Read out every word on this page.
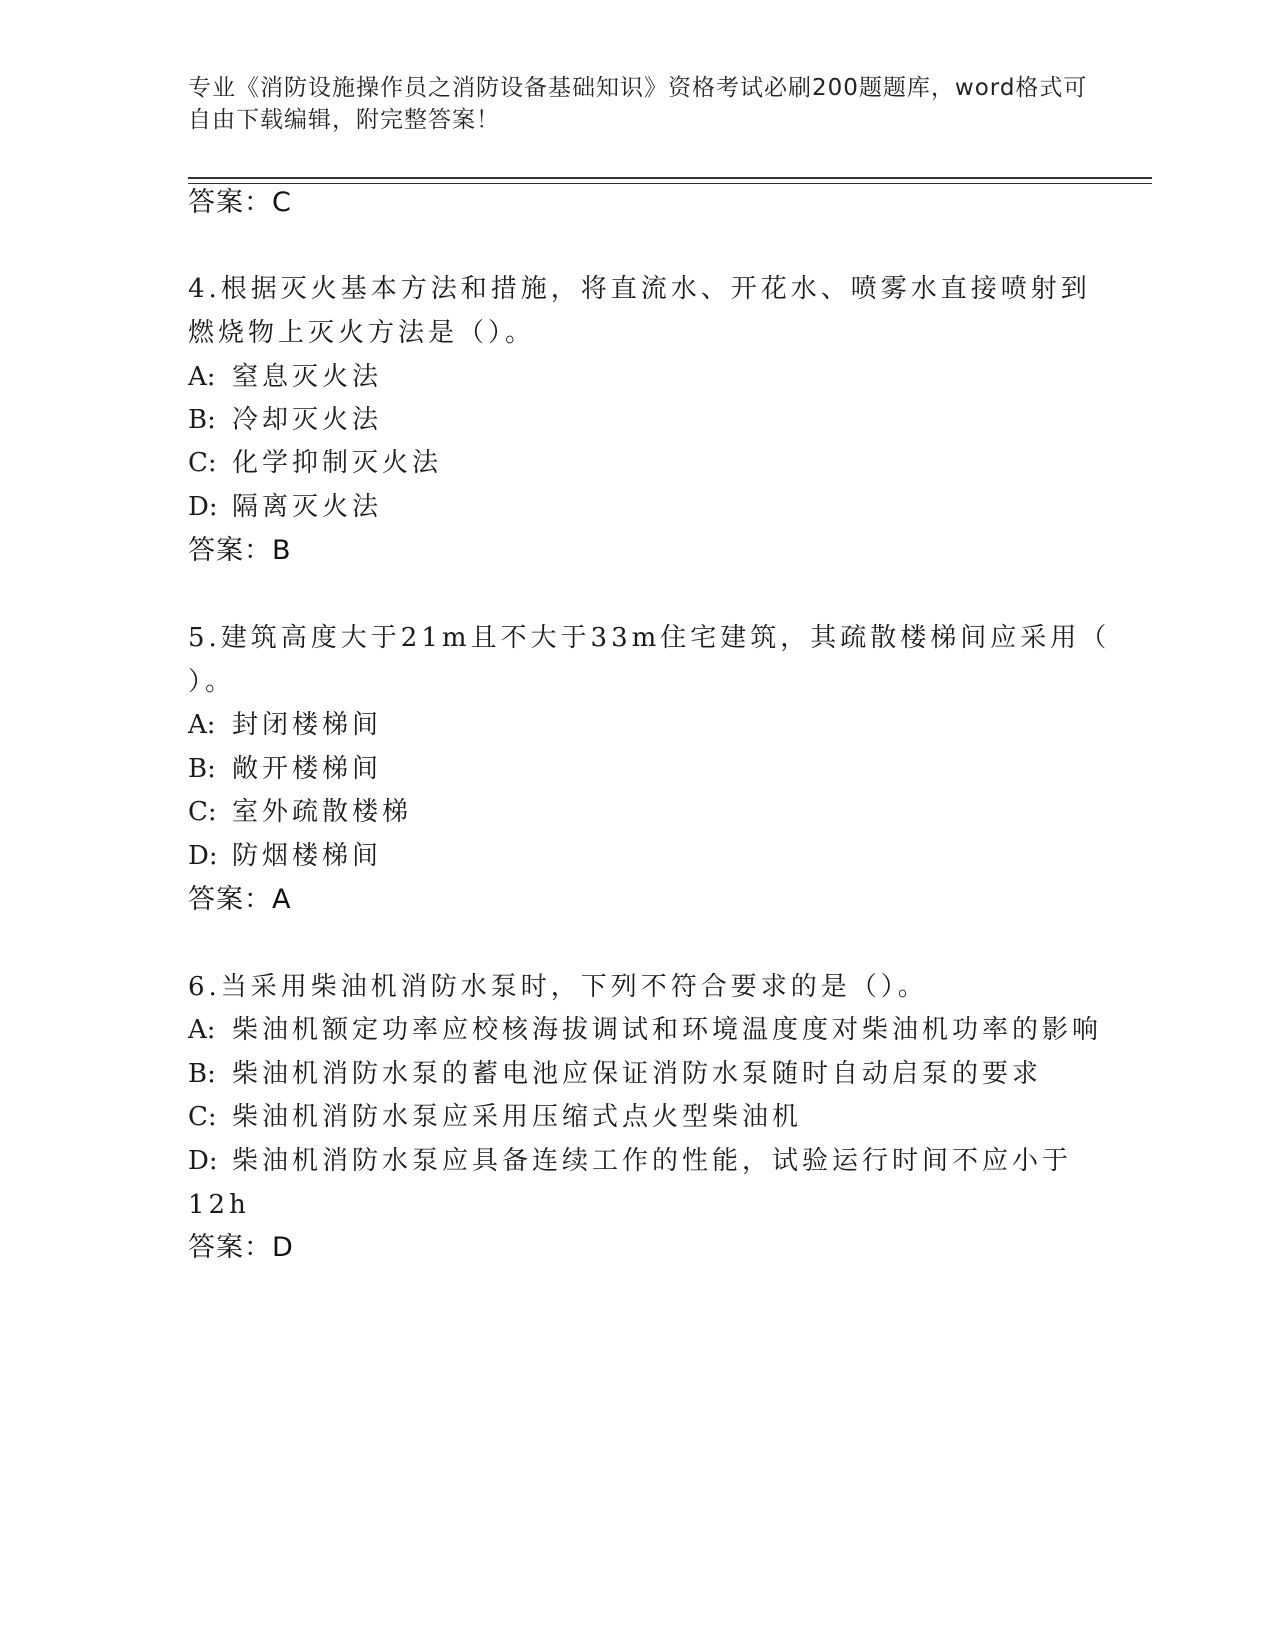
专业《消防设施操作员之消防设备基础知识》资格考试必刷200题题库，word格式可自由下载编辑，附完整答案！
答案：C
4.根据灭火基本方法和措施，将直流水、开花水、喷雾水直接喷射到
燃烧物上灭火方法是（）。
A: 窒息灭火法
B: 冷却灭火法
C: 化学抑制灭火法
D: 隔离灭火法
答案：B
5.建筑高度大于21m且不大于33m住宅建筑，其疏散楼梯间应采用（
）。
A: 封闭楼梯间
B: 敞开楼梯间
C: 室外疏散楼梯
D: 防烟楼梯间
答案：A
6.当采用柴油机消防水泵时，下列不符合要求的是（）。
A: 柴油机额定功率应校核海拔调试和环境温度度对柴油机功率的影响
B: 柴油机消防水泵的蓄电池应保证消防水泵随时自动启泵的要求
C: 柴油机消防水泵应采用压缩式点火型柴油机
D: 柴油机消防水泵应具备连续工作的性能，试验运行时间不应小于
12h
答案：D
